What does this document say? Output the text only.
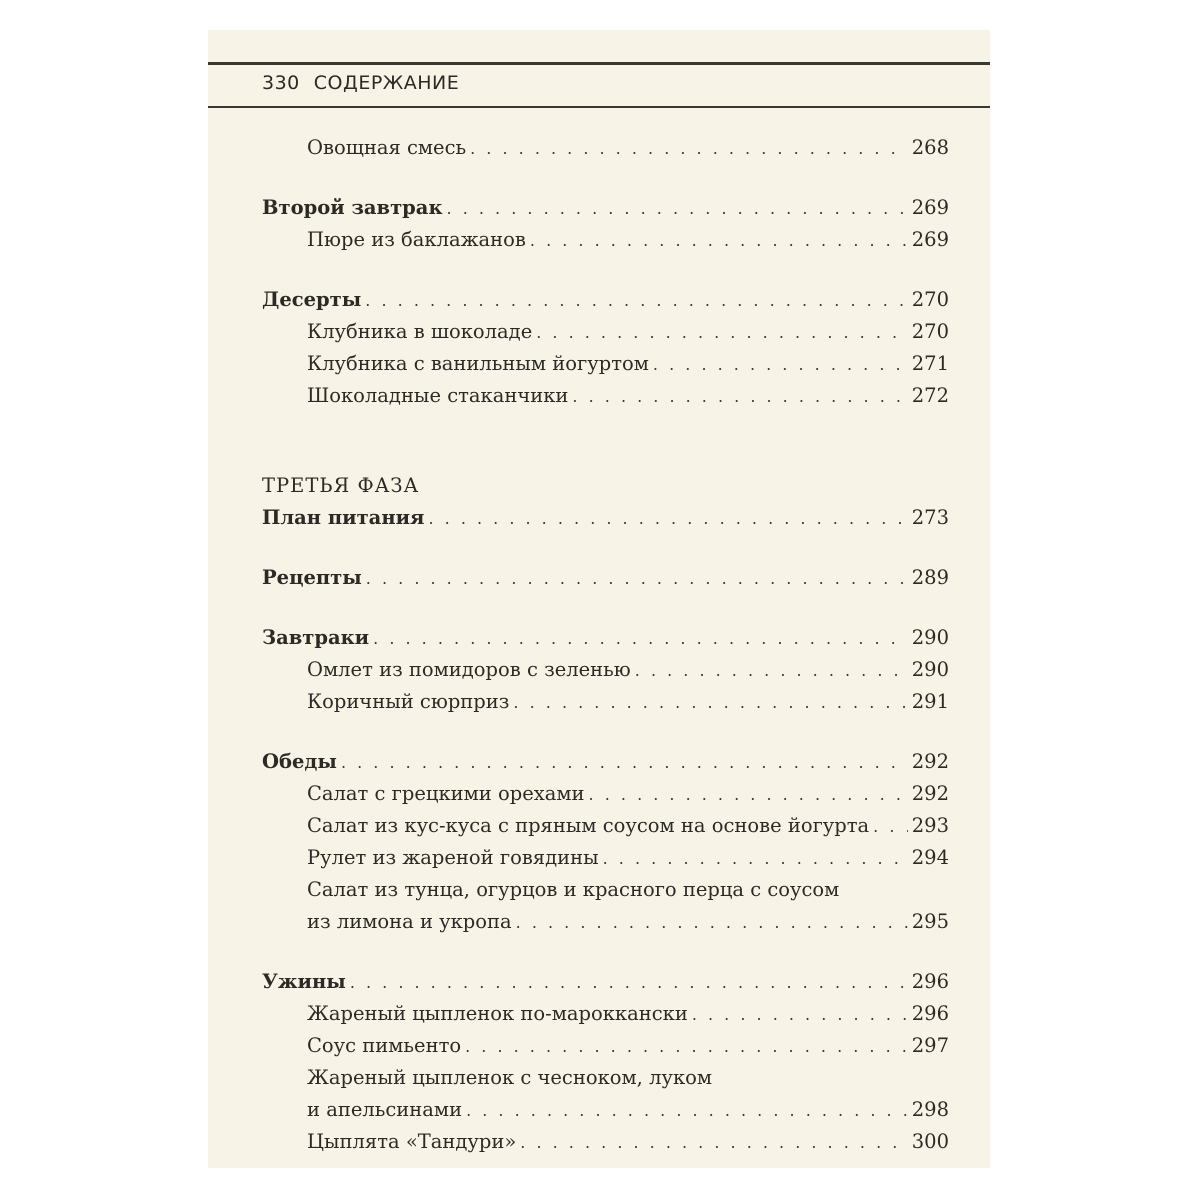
330 СОДЕРЖАНИЕ
Овощная смесь . . .	268
Второй завтрак . . .	269
Пюре из баклажанов . . .	269
Десерты . . .	270
Клубника в шоколаде . . .	270
Клубника с ванильным йогуртом . . .	271
Шоколадные стаканчики . . .	272
ТРЕТЬЯ ФАЗА
План питания . . .	273
Рецепты . . .	289
Завтраки . . .	290
Омлет из помидоров с зеленью . . .	290
Коричный сюрприз . . .	291
Обеды . . .	292
Салат с грецкими орехами . . .	292
Салат из кус-куса с пряным соусом на основе йогурта . . . 293
Рулет из жареной говядины . . .	294
Салат из тунца, огурцов и красного перца с соусом
из лимона и укропа . . .	295
Ужины . . .	296
Жареный цыпленок по-мароккански . . .	296
Соус пимьенто . . .	297
Жареный цыпленок с чесноком, луком
и апельсинами . . .	298
Цыплята «Тандури» . . .	300
